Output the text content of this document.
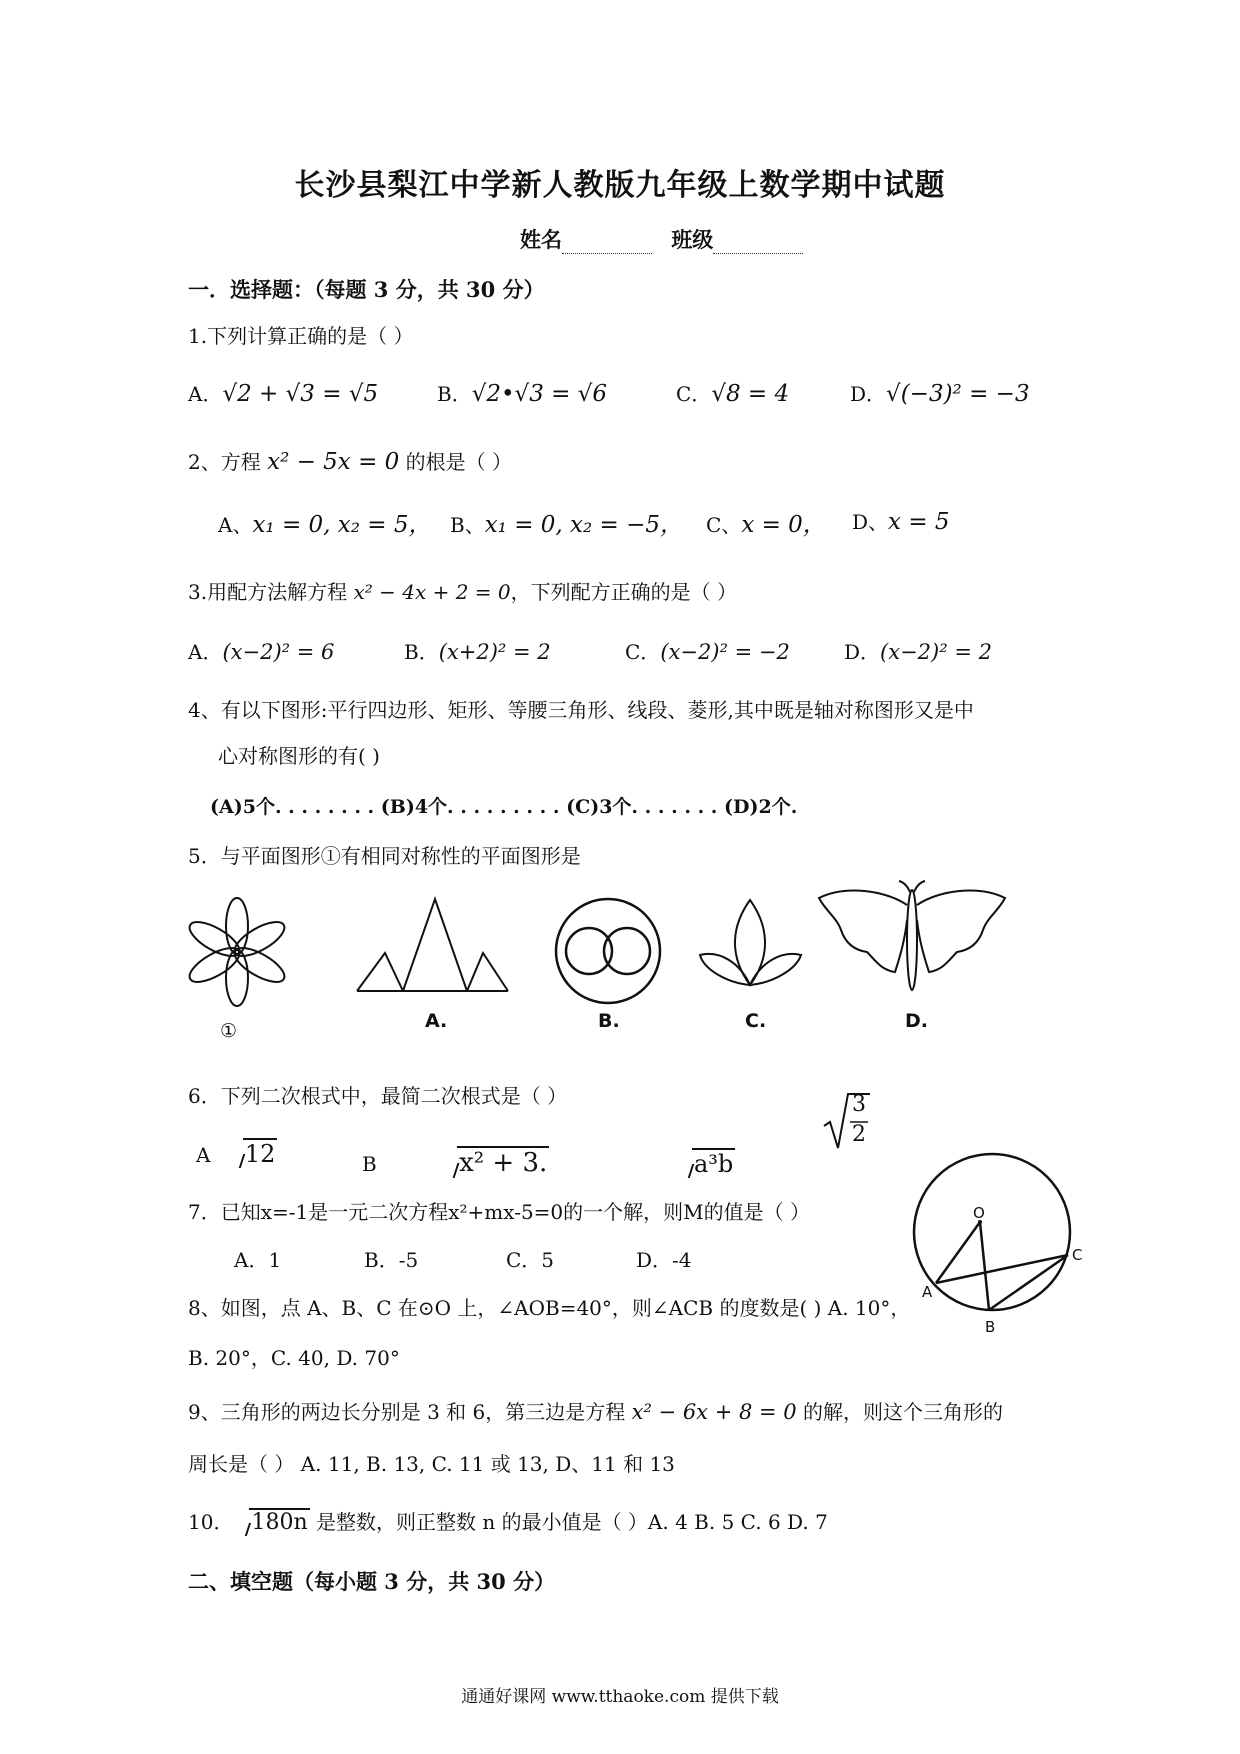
长沙县梨江中学新人教版九年级上数学期中试题
姓名	班级
一．选择题：（每题 3 分，共 30 分）
1.下列计算正确的是（ ）
A．√2 + √3 = √5	B．√2•√3 = √6	C．√8 = 4	D．√(−3)² = −3
2、方程 x² − 5x = 0 的根是（ ）
A、x₁ = 0, x₂ = 5， B、x₁ = 0, x₂ = −5， C、x = 0， D、x = 5
3.用配方法解方程 x² − 4x + 2 = 0，下列配方正确的是（ ）
A．(x−2)² = 6	B．(x+2)² = 2	C．(x−2)² = −2	D．(x−2)² = 2
4、有以下图形:平行四边形、矩形、等腰三角形、线段、菱形,其中既是轴对称图形又是中
心对称图形的有( )
(A)5个. . . . . . . . (B)4个. . . . . . . . . (C)3个. . . . . . . (D)2个.
5．与平面图形①有相同对称性的平面图形是
①	A.	B.	C.	D.
6．下列二次根式中，最简二次根式是（ ）
A 12	B	x² + 3.	a³b
3
2
7．已知x=-1是一元二次方程x²+mx-5=0的一个解，则M的值是（ ）
A．1	B．-5	C．5	D．-4
O
A
B
C
8、如图，点 A、B、C 在⊙O 上，∠AOB=40°，则∠ACB 的度数是( ) A. 10°，
B. 20°，C. 40, D. 70°
9、三角形的两边长分别是 3 和 6，第三边是方程 x² − 6x + 8 = 0 的解，则这个三角形的
周长是（ ） A. 11, B. 13, C. 11 或 13, D、11 和 13
10． 180n 是整数，则正整数 n 的最小值是（ ）A. 4 B. 5 C. 6 D. 7
二、填空题（每小题 3 分，共 30 分）
通通好课网 www.tthaoke.com 提供下载
